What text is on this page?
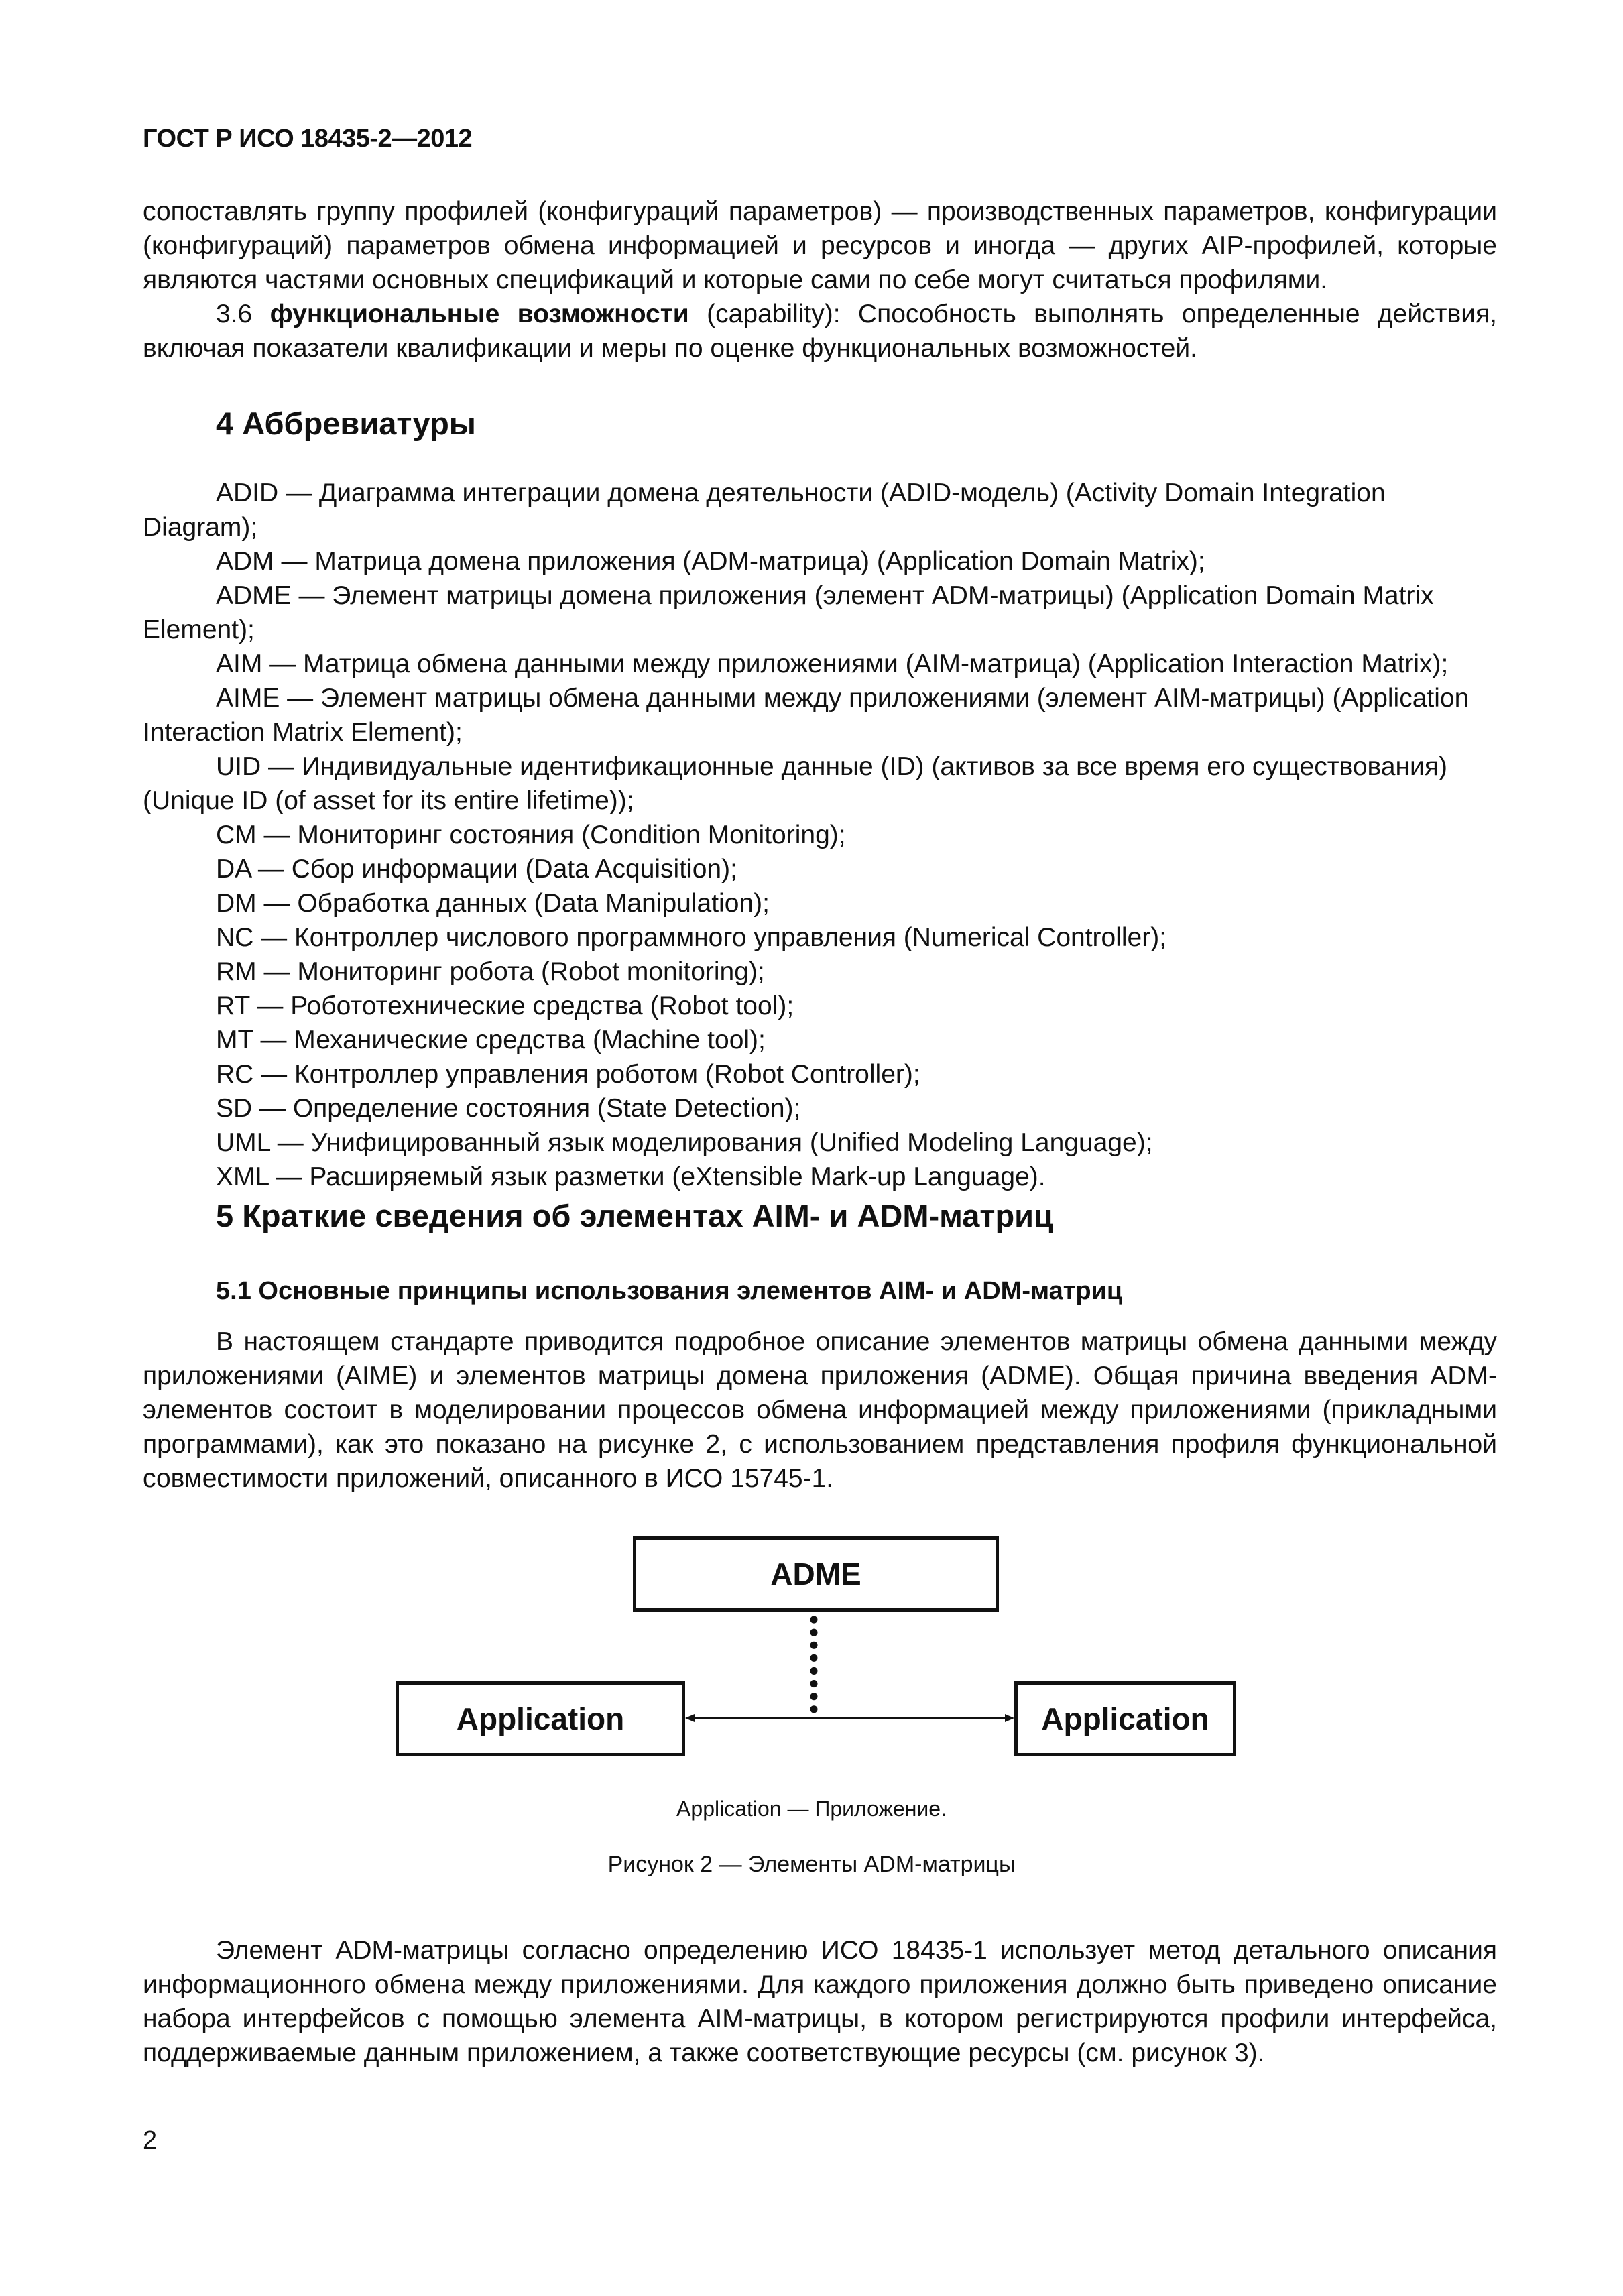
ГОСТ Р ИСО 18435-2—2012

сопоставлять группу профилей (конфигураций параметров) — производственных параметров, конфигурации (конфигураций) параметров обмена информацией и ресурсов и иногда — других AIP-профилей, которые являются частями основных спецификаций и которые сами по себе могут считаться профилями.

3.6 функциональные возможности (capability): Способность выполнять определенные действия, включая показатели квалификации и меры по оценке функциональных возможностей.

4 Аббревиатуры

ADID — Диаграмма интеграции домена деятельности (ADID-модель) (Activity Domain Integration Diagram);

ADM — Матрица домена приложения (ADM-матрица) (Application Domain Matrix);

ADME — Элемент матрицы домена приложения (элемент ADM-матрицы) (Application Domain Matrix Element);

AIM — Матрица обмена данными между приложениями (AIM-матрица) (Application Interaction Matrix);

AIME — Элемент матрицы обмена данными между приложениями (элемент AIM-матрицы) (Application Interaction Matrix Element);

UID — Индивидуальные идентификационные данные (ID) (активов за все время его существования) (Unique ID (of asset for its entire lifetime));

CM — Мониторинг состояния (Condition Monitoring);

DA — Сбор информации (Data Acquisition);

DM — Обработка данных (Data Manipulation);

NC — Контроллер числового программного управления (Numerical Controller);

RM — Мониторинг робота (Robot monitoring);

RT — Робототехнические средства (Robot tool);

MT — Механические средства (Machine tool);

RC — Контроллер управления роботом (Robot Controller);

SD — Определение состояния (State Detection);

UML — Унифицированный язык моделирования (Unified Modeling Language);

XML — Расширяемый язык разметки (eXtensible Mark-up Language).

5 Краткие сведения об элементах AIM- и ADM-матриц
5.1 Основные принципы использования элементов AIM- и ADM-матриц

В настоящем стандарте приводится подробное описание элементов матрицы обмена данными между приложениями (AIME) и элементов матрицы домена приложения (ADME). Общая причина введения ADM-элементов состоит в моделировании процессов обмена информацией между приложениями (прикладными программами), как это показано на рисунке 2, с использованием представления профиля функциональной совместимости приложений, описанного в ИСО 15745-1.

ADME
Application	Application
Application — Приложение.
Рисунок 2 — Элементы ADM-матрицы

Элемент ADM-матрицы согласно определению ИСО 18435-1 использует метод детального описания информационного обмена между приложениями. Для каждого приложения должно быть приведено описание набора интерфейсов с помощью элемента AIM-матрицы, в котором регистрируются профили интерфейса, поддерживаемые данным приложением, а также соответствующие ресурсы (см. рисунок 3).

2
